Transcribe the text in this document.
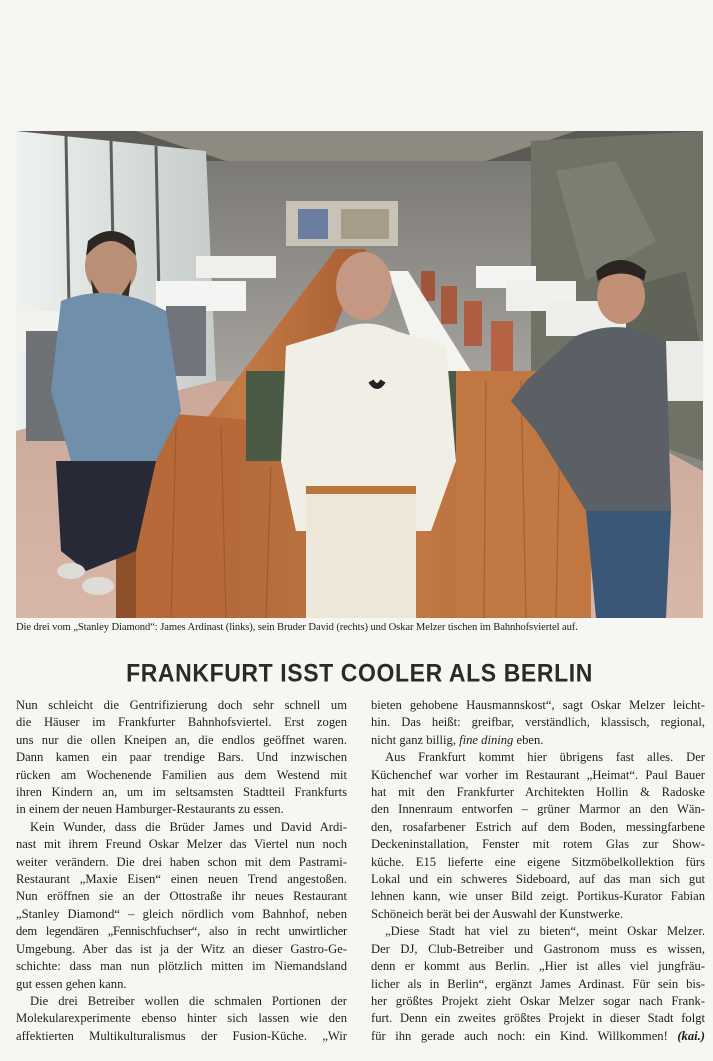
Die drei vom „Stanley Diamond“: James Ardinast (links), sein Bruder David (rechts) und Oskar Melzer tischen im Bahnhofsviertel auf.
FRANKFURT ISST COOLER ALS BERLIN

Nun schleicht die Gentrifizierung doch sehr schnell um
die Häuser im Frankfurter Bahnhofsviertel. Erst zogen
uns nur die ollen Kneipen an, die endlos geöffnet waren.
Dann kamen ein paar trendige Bars. Und inzwischen
rücken am Wochenende Familien aus dem Westend mit
ihren Kindern an, um im seltsamsten Stadtteil Frankfurts
in einem der neuen Hamburger-Restaurants zu essen.

Kein Wunder, dass die Brüder James und David Ardi-
nast mit ihrem Freund Oskar Melzer das Viertel nun noch
weiter verändern. Die drei haben schon mit dem Pastrami-
Restaurant „Maxie Eisen“ einen neuen Trend angestoßen.
Nun eröffnen sie an der Ottostraße ihr neues Restaurant
„Stanley Diamond“ – gleich nördlich vom Bahnhof, neben
dem legendären „Fennischfuchser“, also in recht unwirtlicher
Umgebung. Aber das ist ja der Witz an dieser Gastro-Ge-
schichte: dass man nun plötzlich mitten im Niemandsland
gut essen gehen kann.

Die drei Betreiber wollen die schmalen Portionen der
Molekularexperimente ebenso hinter sich lassen wie den
affektierten Multikulturalismus der Fusion-Küche. „Wir

bieten gehobene Hausmannskost“, sagt Oskar Melzer leicht-
hin. Das heißt: greifbar, verständlich, klassisch, regional,
nicht ganz billig, fine dining eben.

Aus Frankfurt kommt hier übrigens fast alles. Der
Küchenchef war vorher im Restaurant „Heimat“. Paul Bauer
hat mit den Frankfurter Architekten Hollin & Radoske
den Innenraum entworfen – grüner Marmor an den Wän-
den, rosafarbener Estrich auf dem Boden, messingfarbene
Deckeninstallation, Fenster mit rotem Glas zur Show-
küche. E15 lieferte eine eigene Sitzmöbelkollektion fürs
Lokal und ein schweres Sideboard, auf das man sich gut
lehnen kann, wie unser Bild zeigt. Portikus-Kurator Fabian
Schöneich berät bei der Auswahl der Kunstwerke.

„Diese Stadt hat viel zu bieten“, meint Oskar Melzer.
Der DJ, Club-Betreiber und Gastronom muss es wissen,
denn er kommt aus Berlin. „Hier ist alles viel jungfräu-
licher als in Berlin“, ergänzt James Ardinast. Für sein bis-
her größtes Projekt zieht Oskar Melzer sogar nach Frank-
furt. Denn ein zweites größtes Projekt in dieser Stadt folgt
für ihn gerade auch noch: ein Kind. Willkommen! (kai.)
